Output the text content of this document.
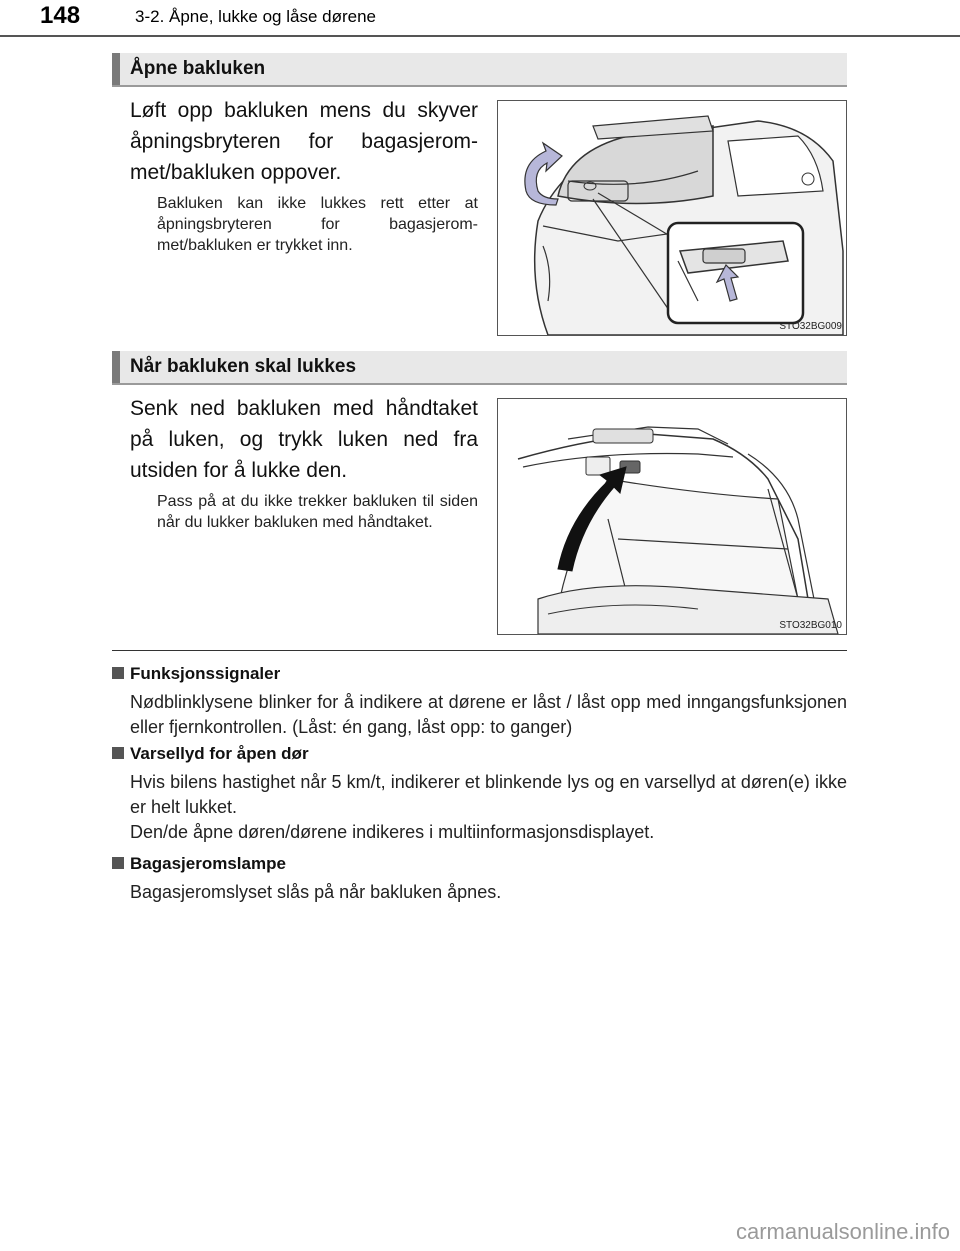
148	3-2. Åpne, lukke og låse dørene
Åpne bakluken

Løft opp bakluken mens du skyver åpningsbryteren for bagasjerommet/bakluken oppover.

Bakluken kan ikke lukkes rett etter at åpningsbryteren for bagasjerommet/bakluken er trykket inn.

STO32BG009
Når bakluken skal lukkes

Senk ned bakluken med håndtaket på luken, og trykk luken ned fra utsiden for å lukke den.

Pass på at du ikke trekker bakluken til siden når du lukker bakluken med håndtaket.

STO32BG010

Funksjonssignaler

Nødblinklysene blinker for å indikere at dørene er låst / låst opp med inngangsfunksjonen eller fjernkontrollen. (Låst: én gang, låst opp: to ganger)

Varsellyd for åpen dør

Hvis bilens hastighet når 5 km/t, indikerer et blinkende lys og en varsellyd at døren(e) ikke er helt lukket.
Den/de åpne døren/dørene indikeres i multiinformasjonsdisplayet.

Bagasjeromslampe

Bagasjeromslyset slås på når bakluken åpnes.

carmanualsonline.info
